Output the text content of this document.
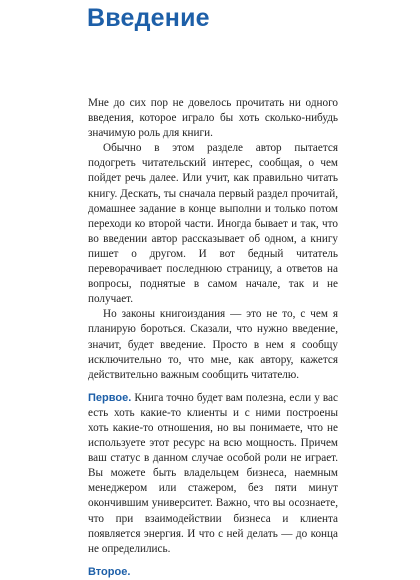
Введение

Мне до сих пор не довелось прочитать ни одного введения, которое играло бы хоть сколько-нибудь значимую роль для книги.

Обычно в этом разделе автор пытается подогреть читательский интерес, сообщая, о чем пойдет речь далее. Или учит, как правильно читать книгу. Дескать, ты сначала первый раздел прочитай, домашнее задание в конце выполни и только потом переходи ко второй части. Иногда бывает и так, что во введении автор рассказывает об одном, а книгу пишет о другом. И вот бедный читатель переворачивает последнюю страницу, а ответов на вопросы, поднятые в самом начале, так и не получает.

Но законы книгоиздания — это не то, с чем я планирую бороться. Сказали, что нужно введение, значит, будет введение. Просто в нем я сообщу исключительно то, что мне, как автору, кажется действительно важным сообщить читателю.

Первое. Книга точно будет вам полезна, если у вас есть хоть какие-то клиенты и с ними построены хоть какие-то отношения, но вы понимаете, что не используете этот ресурс на всю мощность. Причем ваш статус в данном случае особой роли не играет. Вы можете быть владельцем бизнеса, наемным менеджером или стажером, без пяти минут окончившим университет. Важно, что вы осознаете, что при взаимодействии бизнеса и клиента появляется энергия. И что с ней делать — до конца не определились.

Второе.
